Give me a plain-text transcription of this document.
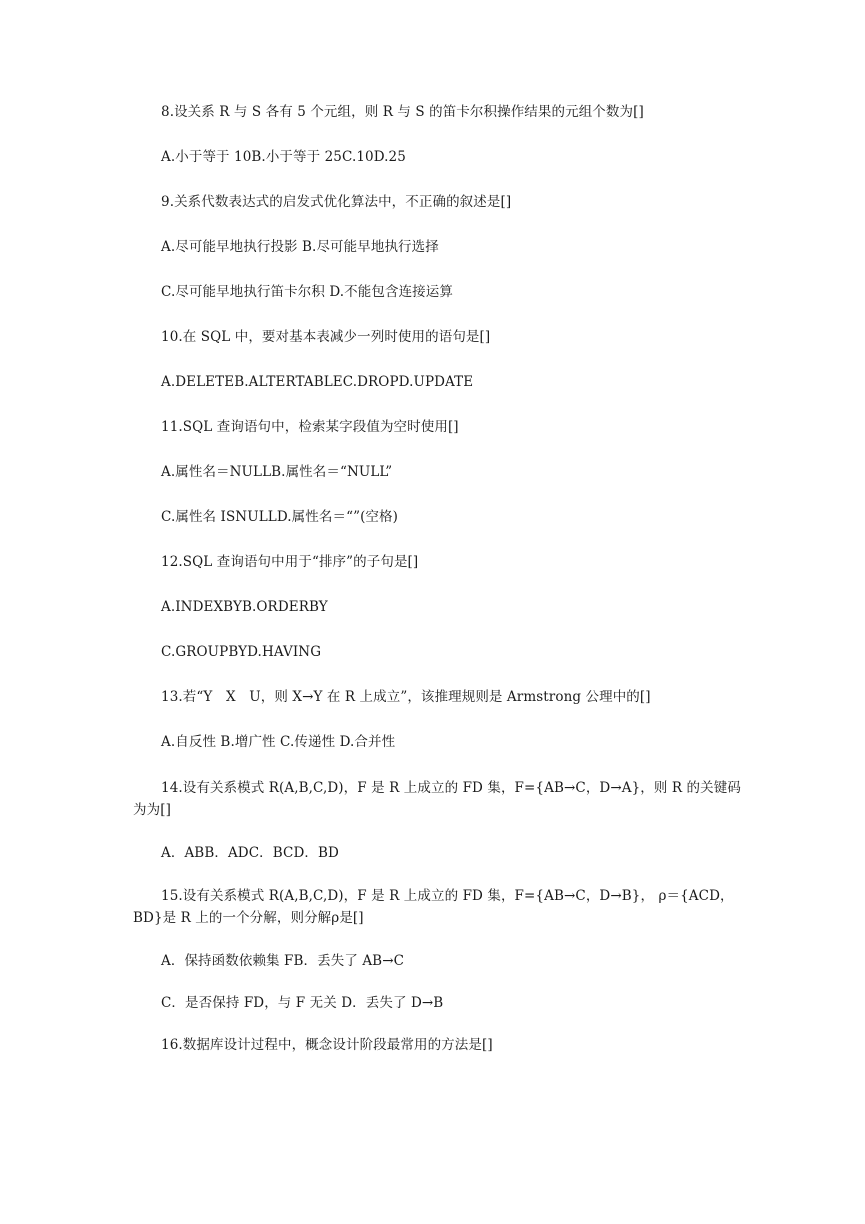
8.设关系 R 与 S 各有 5 个元组，则 R 与 S 的笛卡尔积操作结果的元组个数为[]

A.小于等于 10B.小于等于 25C.10D.25

9.关系代数表达式的启发式优化算法中，不正确的叙述是[]

A.尽可能早地执行投影 B.尽可能早地执行选择

C.尽可能早地执行笛卡尔积 D.不能包含连接运算

10.在 SQL 中，要对基本表减少一列时使用的语句是[]

A.DELETEB.ALTERTABLEC.DROPD.UPDATE

11.SQL 查询语句中，检索某字段值为空时使用[]

A.属性名＝NULLB.属性名＝“NULL”

C.属性名 ISNULLD.属性名＝“”(空格)

12.SQL 查询语句中用于“排序”的子句是[]

A.INDEXBYB.ORDERBY

C.GROUPBYD.HAVING

13.若“Y　X　U，则 X→Y 在 R 上成立”，该推理规则是 Armstrong 公理中的[]

A.自反性 B.增广性 C.传递性 D.合并性

14.设有关系模式 R(A,B,C,D)，F 是 R 上成立的 FD 集，F={AB→C，D→A}，则 R 的关键码为为[]

A．ABB．ADC．BCD．BD

15.设有关系模式 R(A,B,C,D)，F 是 R 上成立的 FD 集，F={AB→C，D→B}， ρ＝{ACD，BD}是 R 上的一个分解，则分解ρ是[]

A．保持函数依赖集 FB．丢失了 AB→C

C．是否保持 FD，与 F 无关 D．丢失了 D→B

16.数据库设计过程中，概念设计阶段最常用的方法是[]
